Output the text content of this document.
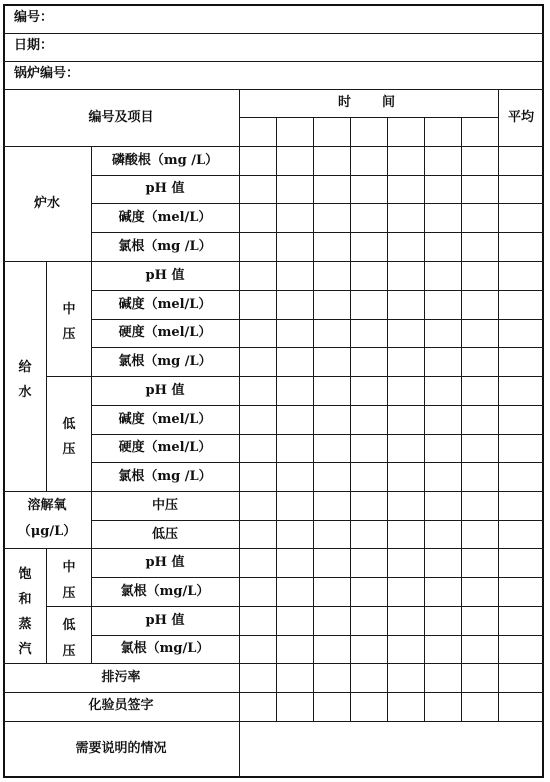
编号：
日期：
锅炉编号：
编号及项目
时 间
平均
炉水
磷酸根（mg /L）
pH 值
碱度（mel/L）
氯根（mg /L）
给
水
中
压
pH 值
碱度（mel/L）
硬度（mel/L）
氯根（mg /L）
低
压
pH 值
碱度（mel/L）
硬度（mel/L）
氯根（mg /L）
溶解氧
（μg/L）
中压
低压
饱
和
蒸
汽
中
压
pH 值
氯根（mg/L）
低
压
pH 值
氯根（mg/L）
排污率
化验员签字
需要说明的情况
